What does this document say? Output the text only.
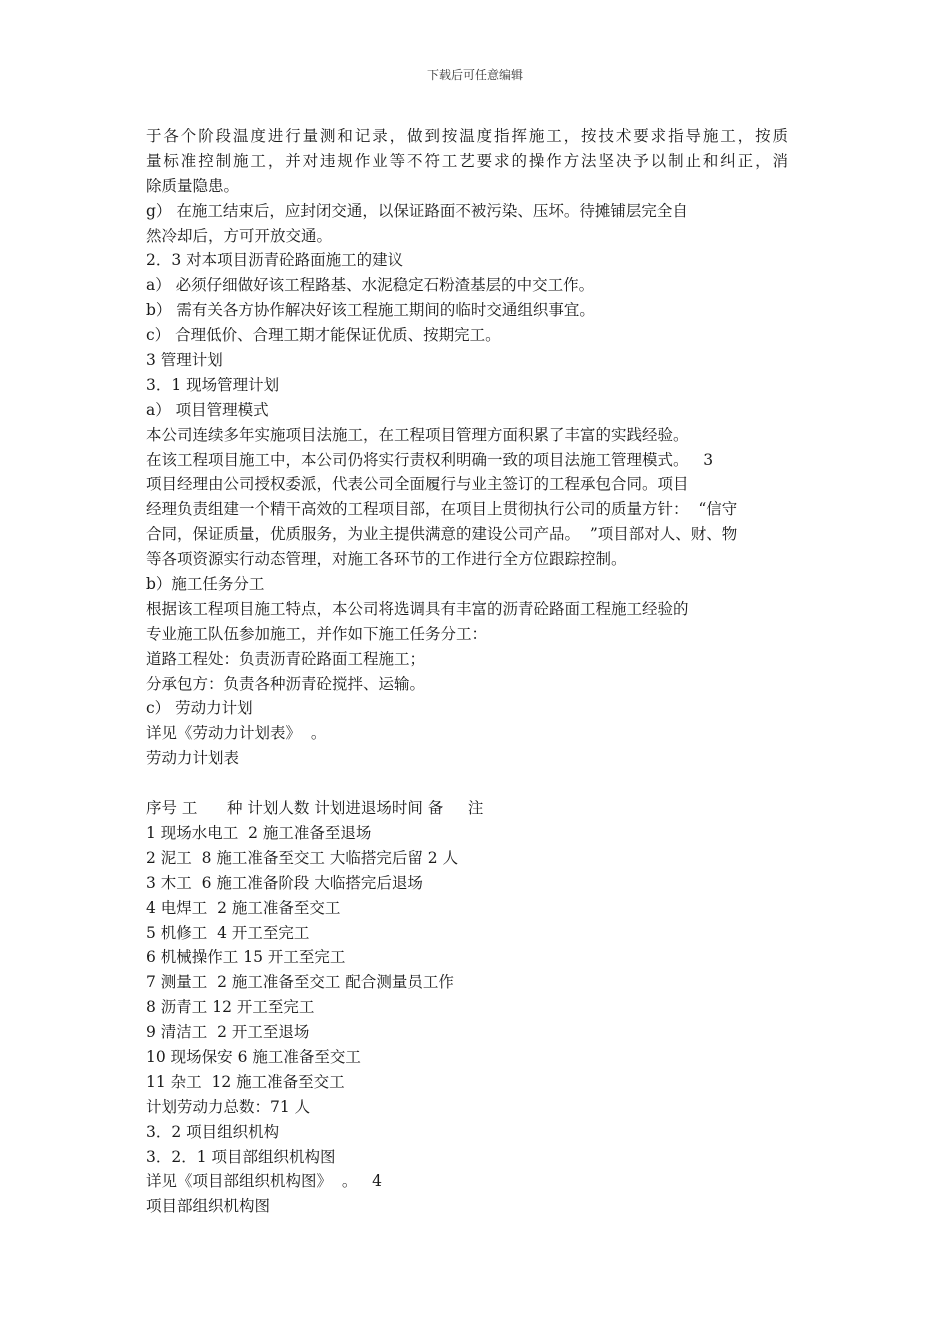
下载后可任意编辑
于各个阶段温度进行量测和记录，做到按温度指挥施工，按技术要求指导施工，按质
量标准控制施工，并对违规作业等不符工艺要求的操作方法坚决予以制止和纠正，消
除质量隐患。
g） 在施工结束后，应封闭交通，以保证路面不被污染、压坏。待摊铺层完全自
然冷却后，方可开放交通。
2．3 对本项目沥青砼路面施工的建议
a） 必须仔细做好该工程路基、水泥稳定石粉渣基层的中交工作。
b） 需有关各方协作解决好该工程施工期间的临时交通组织事宜。
c） 合理低价、合理工期才能保证优质、按期完工。
3 管理计划
3．1 现场管理计划
a） 项目管理模式
本公司连续多年实施项目法施工，在工程项目管理方面积累了丰富的实践经验。
在该工程项目施工中，本公司仍将实行责权利明确一致的项目法施工管理模式。   3
项目经理由公司授权委派，代表公司全面履行与业主签订的工程承包合同。项目
经理负责组建一个精干高效的工程项目部，在项目上贯彻执行公司的质量方针：  “信守
合同，保证质量，优质服务，为业主提供满意的建设公司产品。  ”项目部对人、财、物
等各项资源实行动态管理，对施工各环节的工作进行全方位跟踪控制。
b）施工任务分工
根据该工程项目施工特点，本公司将选调具有丰富的沥青砼路面工程施工经验的
专业施工队伍参加施工，并作如下施工任务分工：
道路工程处：负责沥青砼路面工程施工；
分承包方：负责各种沥青砼搅拌、运输。
c） 劳动力计划
详见《劳动力计划表》  。
劳动力计划表
序号 工      种 计划人数 计划进退场时间 备     注
1 现场水电工  2 施工准备至退场
2 泥工  8 施工准备至交工 大临搭完后留 2 人
3 木工  6 施工准备阶段 大临搭完后退场
4 电焊工  2 施工准备至交工
5 机修工  4 开工至完工
6 机械操作工 15 开工至完工
7 测量工  2 施工准备至交工 配合测量员工作
8 沥青工 12 开工至完工
9 清洁工  2 开工至退场
10 现场保安 6 施工准备至交工
11 杂工  12 施工准备至交工
计划劳动力总数：71 人
3．2 项目组织机构
3．2．1 项目部组织机构图
详见《项目部组织机构图》  。   4
项目部组织机构图
